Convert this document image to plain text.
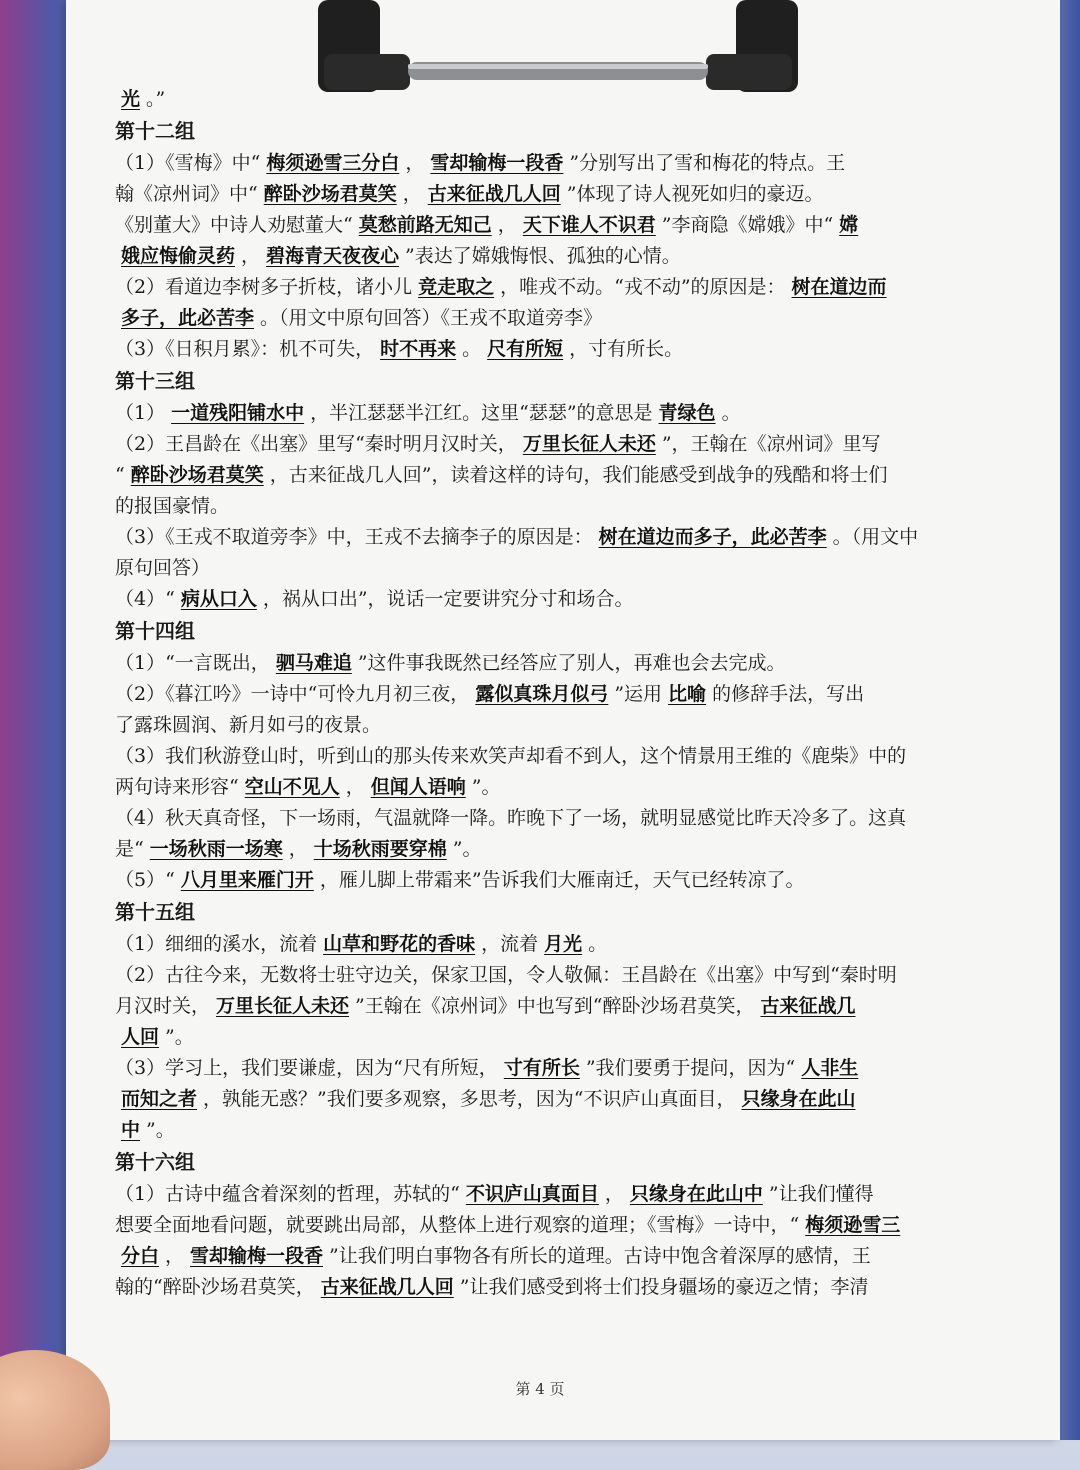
光 。”

第十二组

（1）《雪梅》中“ 梅须逊雪三分白 ， 雪却输梅一段香 ”分别写出了雪和梅花的特点。王

翰《凉州词》中“ 醉卧沙场君莫笑 ， 古来征战几人回 ”体现了诗人视死如归的豪迈。

《别董大》中诗人劝慰董大“ 莫愁前路无知己 ， 天下谁人不识君 ”李商隐《嫦娥》中“ 嫦

娥应悔偷灵药 ， 碧海青天夜夜心 ”表达了嫦娥悔恨、孤独的心情。

（2）看道边李树多子折枝，诸小儿 竞走取之 ，唯戎不动。“戎不动”的原因是： 树在道边而

多子，此必苦李 。（用文中原句回答）《王戎不取道旁李》

（3）《日积月累》：机不可失， 时不再来 。 尺有所短 ，寸有所长。

第十三组

（1） 一道残阳铺水中 ，半江瑟瑟半江红。这里“瑟瑟”的意思是 青绿色 。

（2）王昌龄在《出塞》里写“秦时明月汉时关， 万里长征人未还 ”，王翰在《凉州词》里写

“ 醉卧沙场君莫笑 ，古来征战几人回”，读着这样的诗句，我们能感受到战争的残酷和将士们

的报国豪情。

（3）《王戎不取道旁李》中，王戎不去摘李子的原因是： 树在道边而多子，此必苦李 。（用文中

原句回答）

（4）“ 病从口入 ，祸从口出”，说话一定要讲究分寸和场合。

第十四组

（1）“一言既出， 驷马难追 ”这件事我既然已经答应了别人，再难也会去完成。

（2）《暮江吟》一诗中“可怜九月初三夜， 露似真珠月似弓 ”运用 比喻 的修辞手法，写出

了露珠圆润、新月如弓的夜景。

（3）我们秋游登山时，听到山的那头传来欢笑声却看不到人，这个情景用王维的《鹿柴》中的

两句诗来形容“ 空山不见人 ， 但闻人语响 ”。

（4）秋天真奇怪，下一场雨，气温就降一降。昨晚下了一场，就明显感觉比昨天冷多了。这真

是“ 一场秋雨一场寒 ， 十场秋雨要穿棉 ”。

（5）“ 八月里来雁门开 ，雁儿脚上带霜来”告诉我们大雁南迁，天气已经转凉了。

第十五组

（1）细细的溪水，流着 山草和野花的香味 ，流着 月光 。

（2）古往今来，无数将士驻守边关，保家卫国，令人敬佩：王昌龄在《出塞》中写到“秦时明

月汉时关， 万里长征人未还 ”王翰在《凉州词》中也写到“醉卧沙场君莫笑， 古来征战几

人回 ”。

（3）学习上，我们要谦虚，因为“尺有所短， 寸有所长 ”我们要勇于提问，因为“ 人非生

而知之者 ，孰能无惑？”我们要多观察，多思考，因为“不识庐山真面目， 只缘身在此山

中 ”。

第十六组

（1）古诗中蕴含着深刻的哲理，苏轼的“ 不识庐山真面目 ， 只缘身在此山中 ”让我们懂得

想要全面地看问题，就要跳出局部，从整体上进行观察的道理；《雪梅》一诗中，“ 梅须逊雪三

分白 ， 雪却输梅一段香 ”让我们明白事物各有所长的道理。古诗中饱含着深厚的感情，王

翰的“醉卧沙场君莫笑， 古来征战几人回 ”让我们感受到将士们投身疆场的豪迈之情；李清

第 4 页
